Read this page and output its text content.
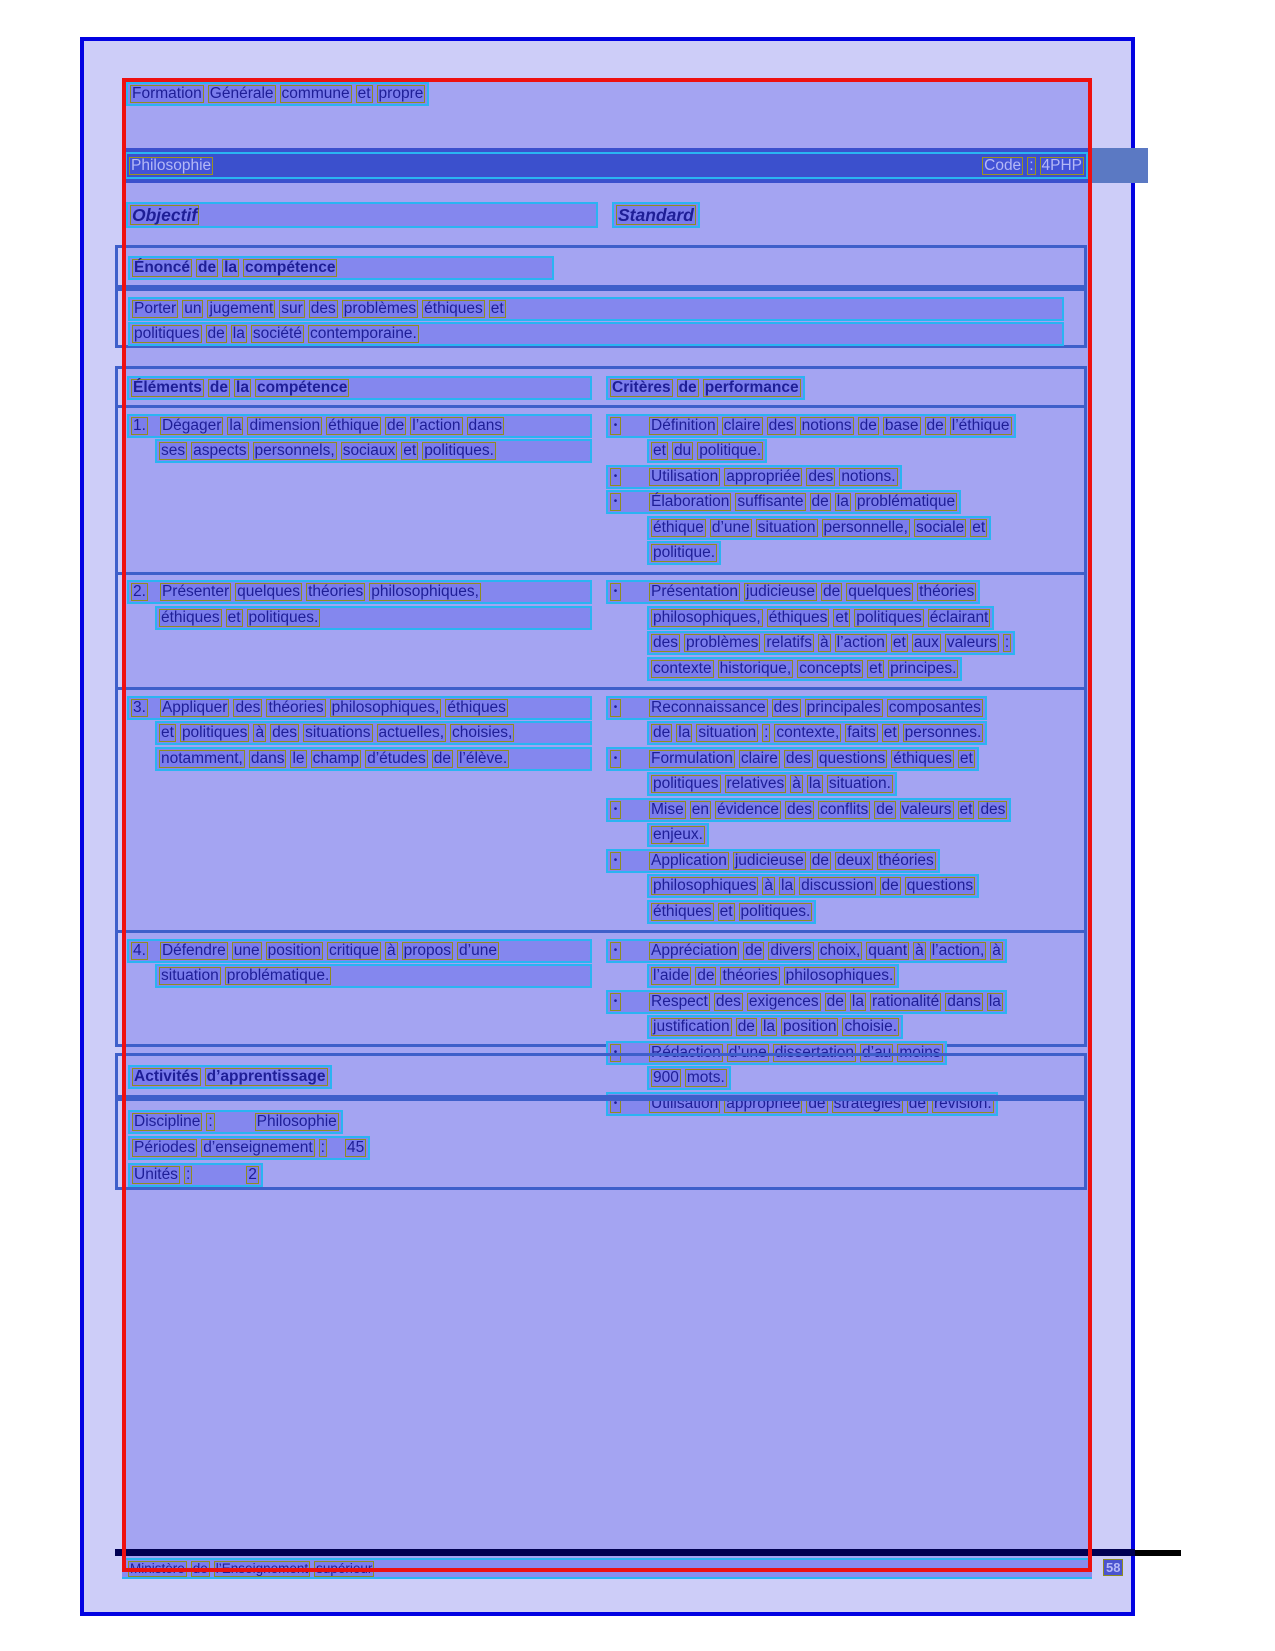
Formation Générale commune et propre
Philosophie	Code : 4PHP
Objectif	Standard
Énoncé de la compétence
Porter un jugement sur des problèmes éthiques et
politiques de la société contemporaine.
Éléments de la compétence	Critères de performance
1. Dégager la dimension éthique de l’action dans
ses aspects personnels, sociaux et politiques.
• Définition claire des notions de base de l’éthique
et du politique.
• Utilisation appropriée des notions.
• Élaboration suffisante de la problématique
éthique d’une situation personnelle, sociale et
politique.
2. Présenter quelques théories philosophiques,
éthiques et politiques.
• Présentation judicieuse de quelques théories
philosophiques, éthiques et politiques éclairant
des problèmes relatifs à l’action et aux valeurs :
contexte historique, concepts et principes.
3. Appliquer des théories philosophiques, éthiques
et politiques à des situations actuelles, choisies,
notamment, dans le champ d’études de l’élève.
• Reconnaissance des principales composantes
de la situation : contexte, faits et personnes.
• Formulation claire des questions éthiques et
politiques relatives à la situation.
• Mise en évidence des conflits de valeurs et des
enjeux.
• Application judicieuse de deux théories
philosophiques à la discussion de questions
éthiques et politiques.
4. Défendre une position critique à propos d’une
situation problématique.
• Appréciation de divers choix, quant à l’action, à
l’aide de théories philosophiques.
• Respect des exigences de la rationalité dans la
justification de la position choisie.
• Rédaction d’une dissertation d’au moins
900 mots.
• Utilisation appropriée de stratégies de révision.
Activités d’apprentissage
Discipline :	Philosophie
Périodes d’enseignement : 45
Unités :	2
Ministère de l’Enseignement supérieur	58
